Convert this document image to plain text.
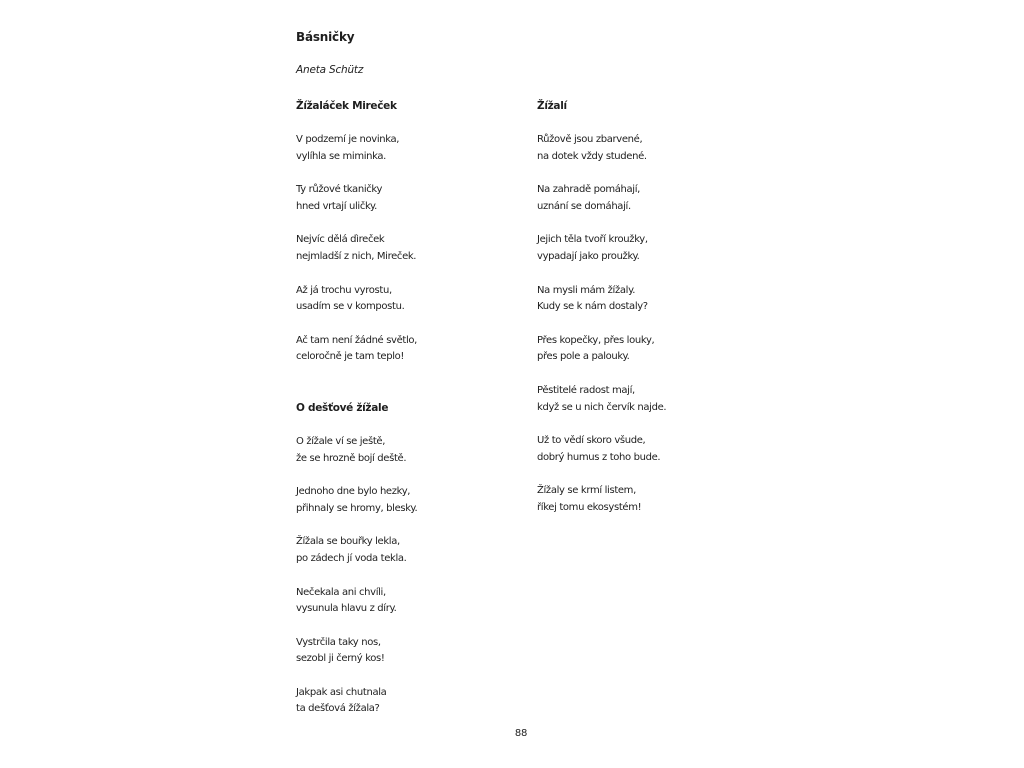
Básničky
Aneta Schütz
Žížaláček Mireček
V podzemí je novinka,
vylíhla se miminka.
Ty růžové tkaničky
hned vrtají uličky.
Nejvíc dělá dìreček
nejmladší z nich, Mireček.
Až já trochu vyrostu,
usadím se v kompostu.
Ač tam není žádné světlo,
celoročně je tam teplo!
O dešťové žížale
O žížale ví se ještě,
že se hrozně bojí deště.
Jednoho dne bylo hezky,
přihnaly se hromy, blesky.
Žížala se bouřky lekla,
po zádech jí voda tekla.
Nečekala ani chvíli,
vysunula hlavu z díry.
Vystrčila taky nos,
sezobl ji černý kos!
Jakpak asi chutnala
ta dešťová žížala?
Žížalí
Růžově jsou zbarvené,
na dotek vždy studené.
Na zahradě pomáhají,
uznání se domáhají.
Jejich těla tvoří kroužky,
vypadají jako proužky.
Na mysli mám žížaly.
Kudy se k nám dostaly?
Přes kopečky, přes louky,
přes pole a palouky.
Pěstitelé radost mají,
když se u nich červík najde.
Už to vědí skoro všude,
dobrý humus z toho bude.
Žížaly se krmí listem,
říkej tomu ekosystém!
88
